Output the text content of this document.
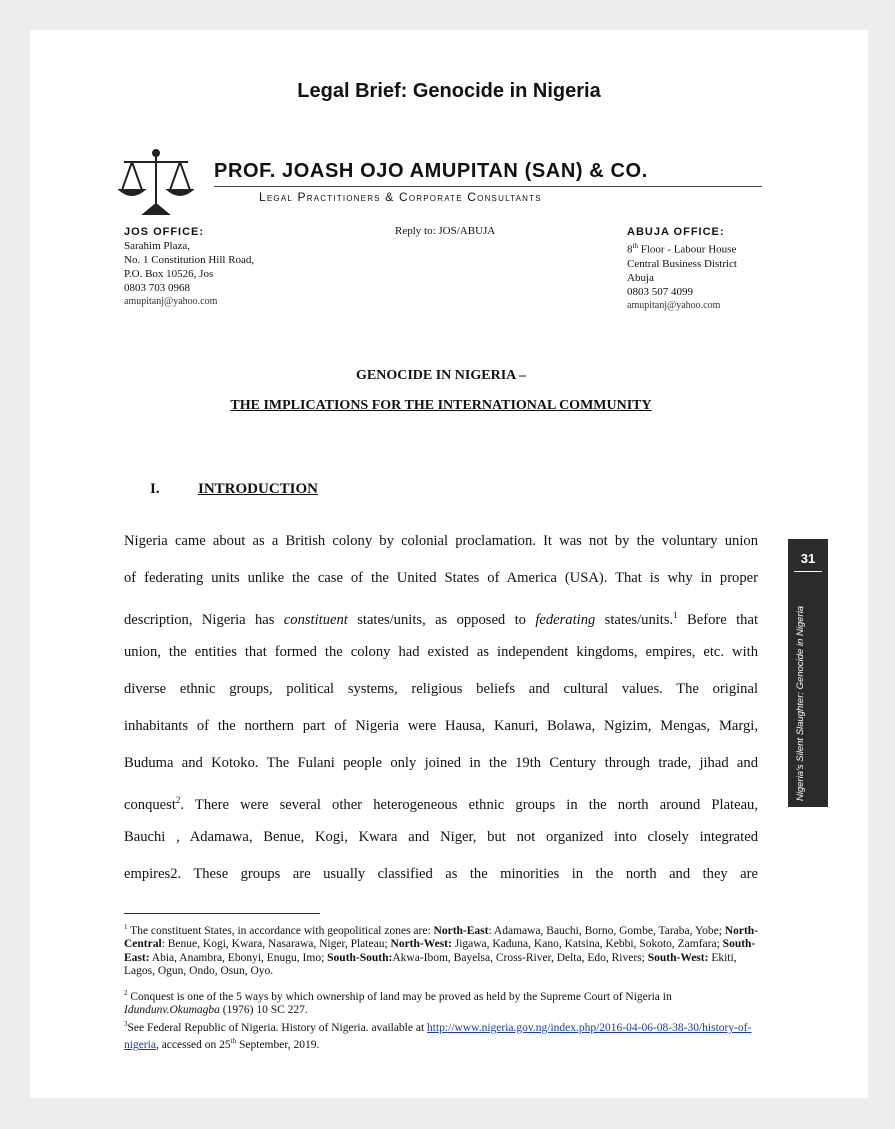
Legal Brief: Genocide in Nigeria
PROF. JOASH OJO AMUPITAN (SAN) & CO.
Legal Practitioners & Corporate Consultants
JOS OFFICE:
Sarahim Plaza,
No. 1 Constitution Hill Road,
P.O. Box 10526, Jos
0803 703 0968
amupitanj@yahoo.com
Reply to: JOS/ABUJA	ABUJA OFFICE:
8th Floor - Labour House
Central Business District
Abuja
0803 507 4099
amupitanj@yahoo.com
GENOCIDE IN NIGERIA –
THE IMPLICATIONS FOR THE INTERNATIONAL COMMUNITY
I.	INTRODUCTION
Nigeria came about as a British colony by colonial proclamation. It was not by the voluntary union
of federating units unlike the case of the United States of America (USA). That is why in proper
description, Nigeria has constituent states/units, as opposed to federating states/units.$^1$ Before that
union, the entities that formed the colony had existed as independent kingdoms, empires, etc. with
diverse ethnic groups, political systems, religious beliefs and cultural values. The original
inhabitants of the northern part of Nigeria were Hausa, Kanuri, Bolawa, Ngizim, Mengas, Margi,
Buduma and Kotoko. The Fulani people only joined in the 19th Century through trade, jihad and
conquest$^2$. There were several other heterogeneous ethnic groups in the north around Plateau,
Bauchi , Adamawa, Benue, Kogi, Kwara and Niger, but not organized into closely integrated
empires2. These groups are usually classified as the minorities in the north and they are
$^1$ The constituent States, in accordance with geopolitical zones are: North-East: Adamawa, Bauchi, Borno, Gombe, Taraba, Yobe; North-Central: Benue, Kogi, Kwara, Nasarawa, Niger, Plateau; North-West: Jigawa, Kaduna, Kano, Katsina, Kebbi, Sokoto, Zamfara; South-East: Abia, Anambra, Ebonyi, Enugu, Imo; South-South:Akwa-Ibom, Bayelsa, Cross-River, Delta, Edo, Rivers; South-West: Ekiti, Lagos, Ogun, Ondo, Osun, Oyo.
$^2$ Conquest is one of the 5 ways by which ownership of land may be proved as held by the Supreme Court of Nigeria in Idundunv.Okumagba (1976) 10 SC 227.
$^3$See Federal Republic of Nigeria. History of Nigeria. available at http://www.nigeria.gov.ng/index.php/2016-04-06-08-38-30/history-of-nigeria, accessed on 25th September, 2019.
31
Nigeria's Silent Slaughter: Genocide in Nigeria
